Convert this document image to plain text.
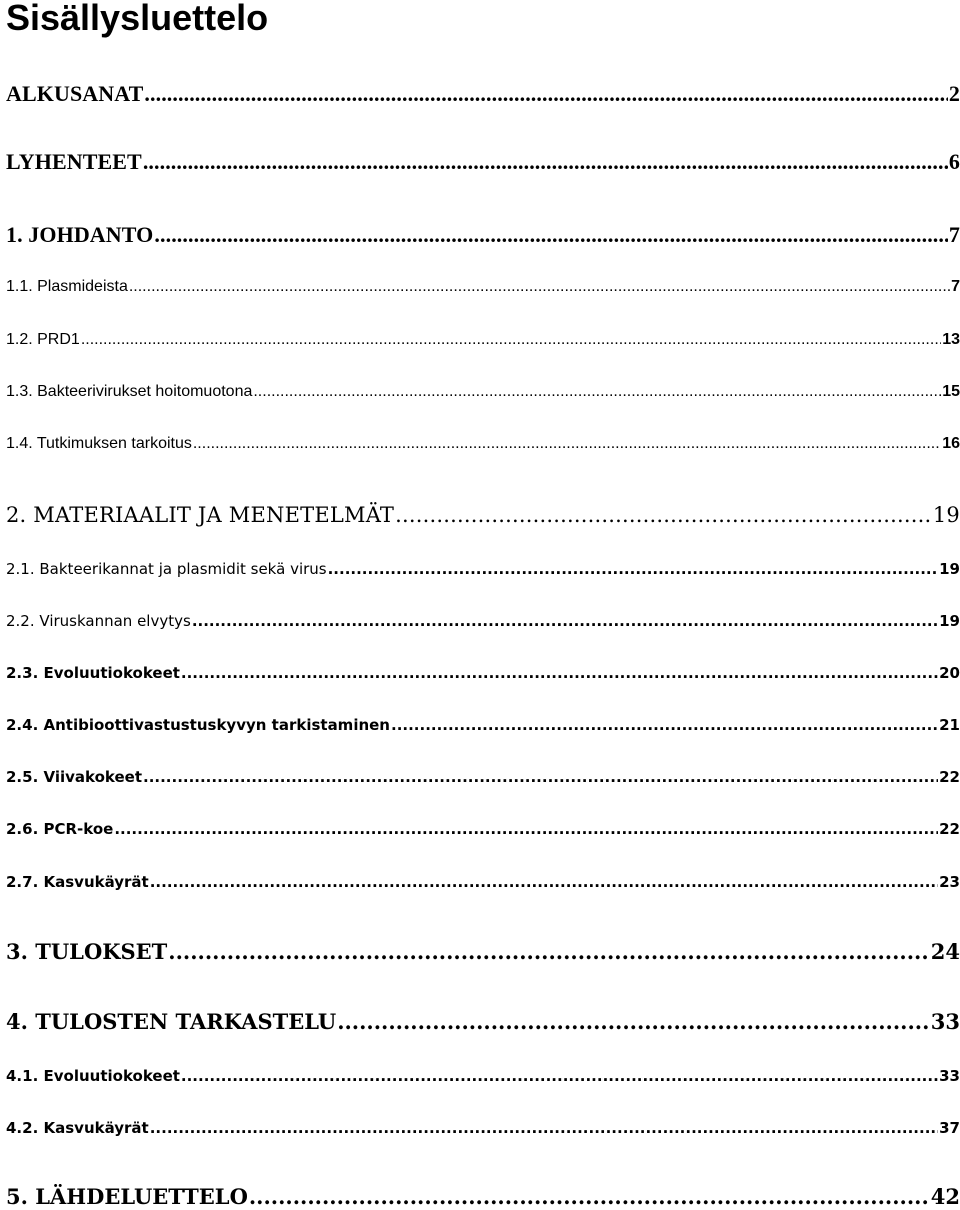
Sisällysluettelo
ALKUSANAT .....	2
LYHENTEET .....	6
1. JOHDANTO .....	7
1.1. Plasmideista .....	7
1.2. PRD1 .....	13
1.3. Bakteerivirukset hoitomuotona .....	15
1.4. Tutkimuksen tarkoitus .....	16
2. MATERIAALIT JA MENETELMÄT .....	19
2.1. Bakteerikannat ja plasmidit sekä virus .....	19
2.2. Viruskannan elvytys .....	19
2.3. Evoluutiokokeet .....	20
2.4. Antibioottivastustuskyvyn tarkistaminen .....	21
2.5. Viivakokeet .....	22
2.6. PCR-koe .....	22
2.7. Kasvukäyrät .....	23
3. TULOKSET .....	24
4. TULOSTEN TARKASTELU .....	33
4.1. Evoluutiokokeet .....	33
4.2. Kasvukäyrät .....	37
5. LÄHDELUETTELO .....	42
